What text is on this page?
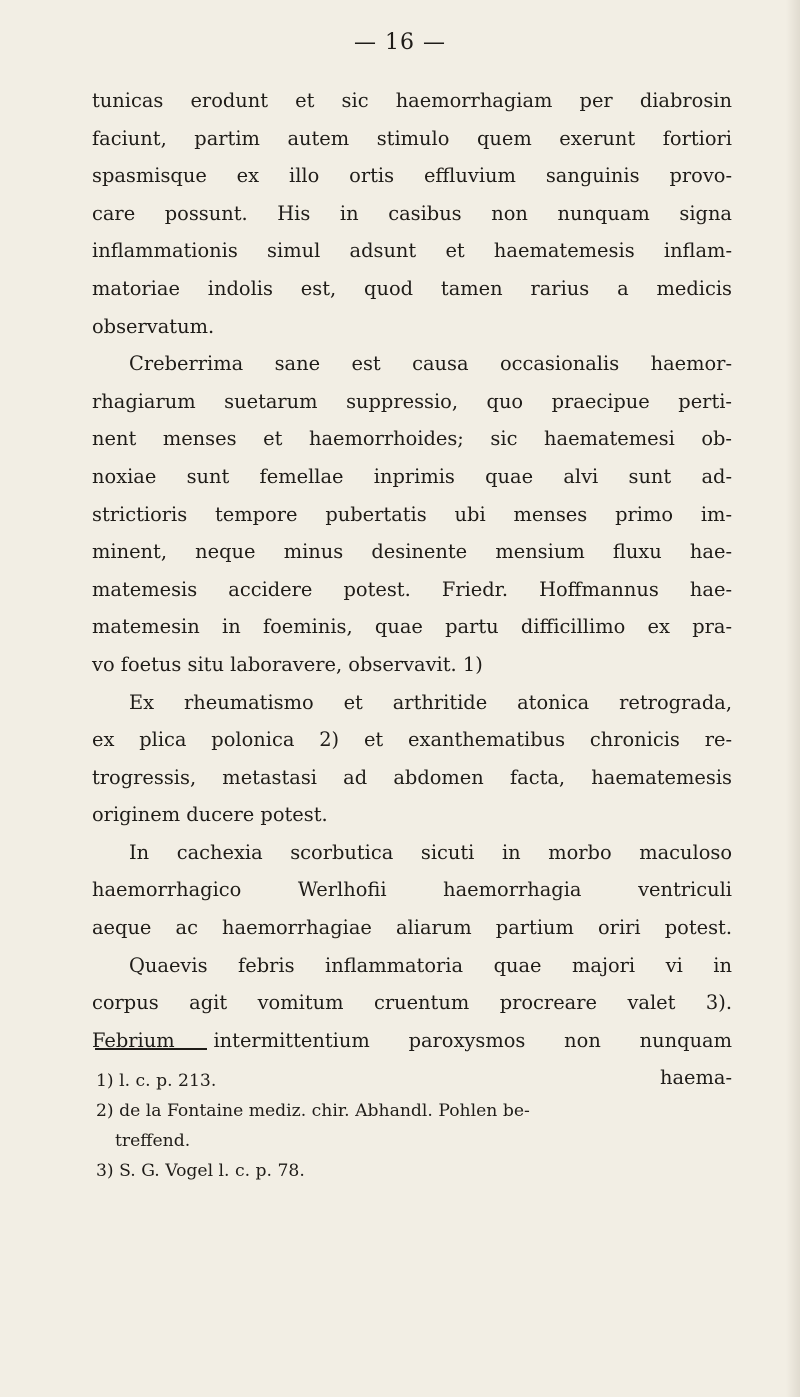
— 16 —
tunicas erodunt et sic haemorrhagiam per diabrosin
faciunt, partim autem stimulo quem exerunt fortiori
spasmisque ex illo ortis effluvium sanguinis provo-
care possunt. His in casibus non nunquam signa
inflammationis simul adsunt et haematemesis inflam-
matoriae indolis est, quod tamen rarius a medicis
observatum.
Creberrima sane est causa occasionalis haemor-
rhagiarum suetarum suppressio, quo praecipue perti-
nent menses et haemorrhoides; sic haematemesi ob-
noxiae sunt femellae inprimis quae alvi sunt ad-
strictioris tempore pubertatis ubi menses primo im-
minent, neque minus desinente mensium fluxu hae-
matemesis accidere potest. Friedr. Hoffmannus hae-
matemesin in foeminis, quae partu difficillimo ex pra-
vo foetus situ laboravere, observavit. 1)
Ex rheumatismo et arthritide atonica retrograda,
ex plica polonica 2) et exanthematibus chronicis re-
trogressis, metastasi ad abdomen facta, haematemesis
originem ducere potest.
In cachexia scorbutica sicuti in morbo maculoso
haemorrhagico Werlhofii haemorrhagia ventriculi
aeque ac haemorrhagiae aliarum partium oriri potest.
Quaevis febris inflammatoria quae majori vi in
corpus agit vomitum cruentum procreare valet 3).
Febrium intermittentium paroxysmos non nunquam
haema-
1) l. c. p. 213.
2) de la Fontaine mediz. chir. Abhandl. Pohlen be-
treffend.
3) S. G. Vogel l. c. p. 78.
